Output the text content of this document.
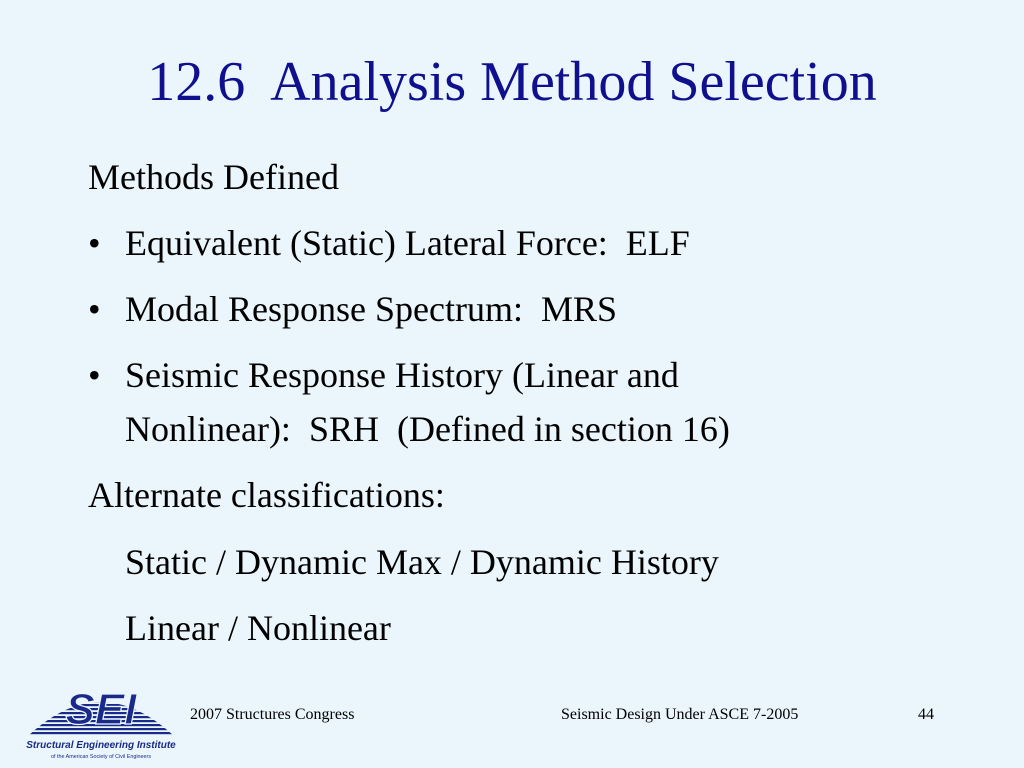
12.6  Analysis Method Selection
Methods Defined
• Equivalent (Static) Lateral Force:  ELF
• Modal Response Spectrum:  MRS
• Seismic Response History (Linear and
Nonlinear):  SRH  (Defined in section 16)
Alternate classifications:
Static / Dynamic Max / Dynamic History
Linear / Nonlinear
SEI
Structural Engineering Institute
of the American Society of Civil Engineers
2007 Structures Congress	Seismic Design Under ASCE 7-2005	44
